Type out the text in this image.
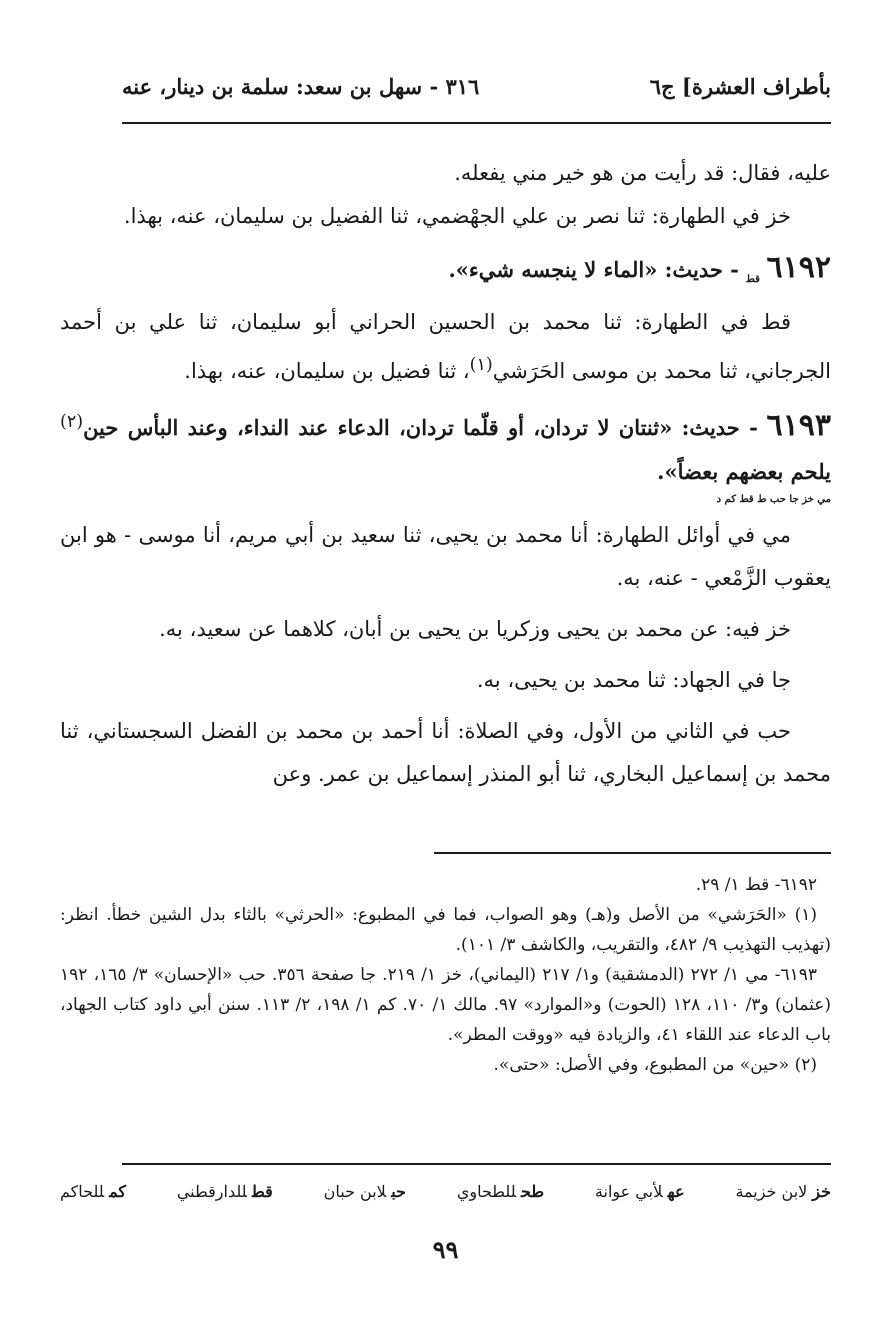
بأطراف العشرة] ج٦
٣١٦ - سهل بن سعد: سلمة بن دينار، عنه

عليه، فقال: قد رأيت من هو خير مني يفعله.

خز في الطهارة: ثنا نصر بن علي الجهْضمي، ثنا الفضيل بن سليمان، عنه، بهذا.

٦١٩٢ $_{قط}$ - حديث: «الماء لا ينجسه شيء».

قط في الطهارة: ثنا محمد بن الحسين الحراني أبو سليمان، ثنا علي بن أحمد الجرجاني، ثنا محمد بن موسى الحَرَشي$^{(١)}$، ثنا فضيل بن سليمان، عنه، بهذا.

٦١٩٣ - حديث: «ثنتان لا تردان، أو قلّما تردان، الدعاء عند النداء، وعند البأس حين$^{(٢)}$ يلحم بعضهم بعضاً».

مي خز جا حب ط قط كم د

مي في أوائل الطهارة: أنا محمد بن يحيى، ثنا سعيد بن أبي مريم، أنا موسى - هو ابن يعقوب الزَّمْعي - عنه، به.

خز فيه: عن محمد بن يحيى وزكريا بن يحيى بن أبان، كلاهما عن سعيد، به.

جا في الجهاد: ثنا محمد بن يحيى، به.

حب في الثاني من الأول، وفي الصلاة: أنا أحمد بن محمد بن الفضل السجستاني، ثنا محمد بن إسماعيل البخاري، ثنا أبو المنذر إسماعيل بن عمر. وعن

٦١٩٢- قط ١/ ٢٩.

(١) «الحَرَشي» من الأصل و(هـ) وهو الصواب، فما في المطبوع: «الحرثي» بالثاء بدل الشين خطأ. انظر: (تهذيب التهذيب ٩/ ٤٨٢، والتقريب، والكاشف ٣/ ١٠١).

٦١٩٣- مي ١/ ٢٧٢ (الدمشقية) و١/ ٢١٧ (اليماني)، خز ١/ ٢١٩. جا صفحة ٣٥٦. حب «الإحسان» ٣/ ١٦٥، ١٩٢ (عثمان) و٣/ ١١٠، ١٢٨ (الحوت) و«الموارد» ٩٧. مالك ١/ ٧٠. كم ١/ ١٩٨، ٢/ ١١٣. سنن أبي داود كتاب الجهاد، باب الدعاء عند اللقاء ٤١، والزيادة فيه «ووقت المطر».

(٢) «حين» من المطبوع، وفي الأصل: «حتى».

خزلابن خزيمة
عهلأبي عوانة
طحللطحاوي
حبلابن حبان
قطللدارقطني
كمللحاكم
٩٩
